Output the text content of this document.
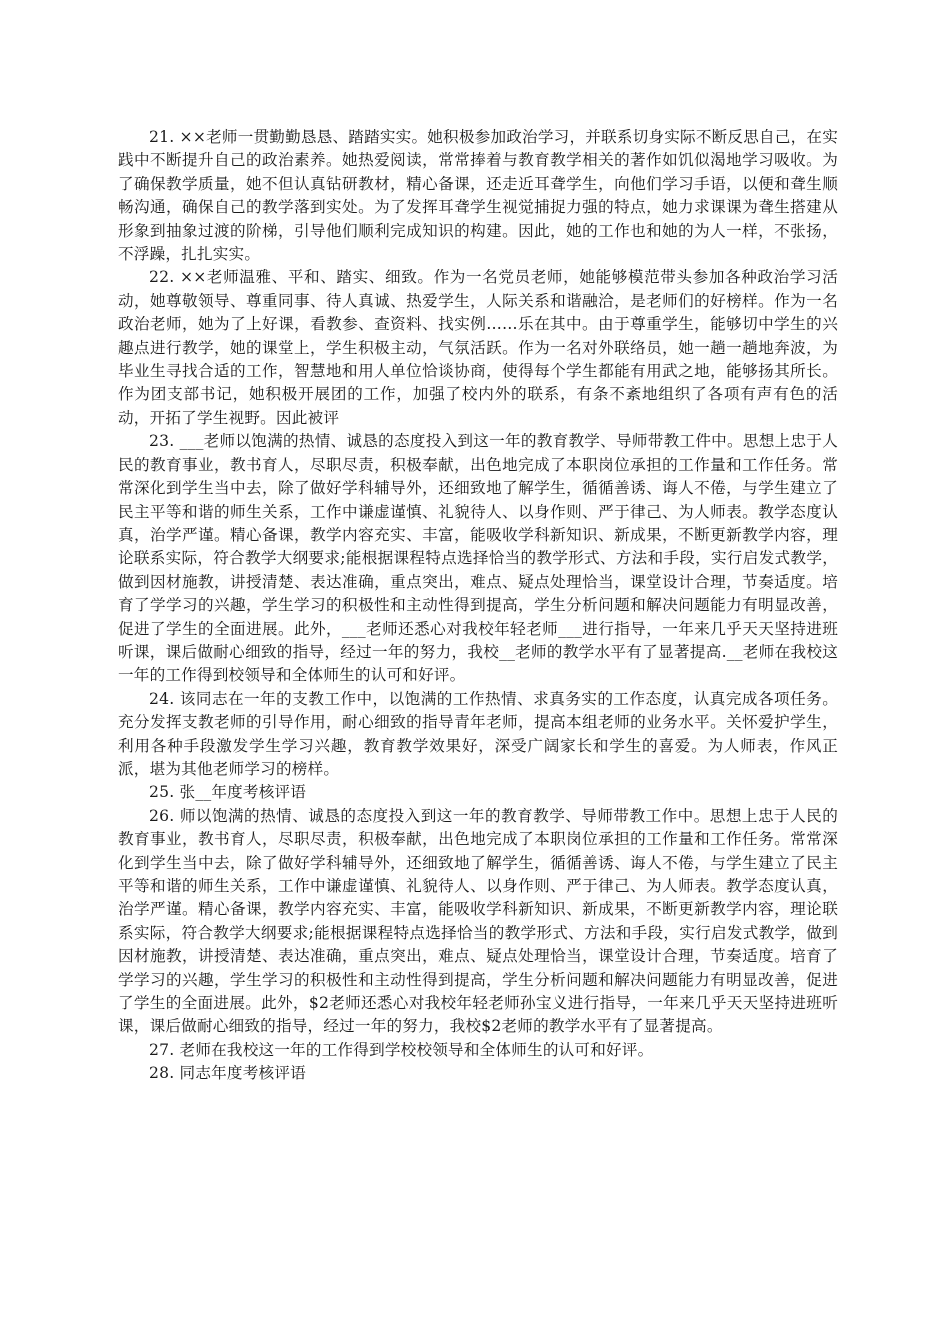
21. ××老师一贯勤勤恳恳、踏踏实实。她积极参加政治学习，并联系切身实际不断反思自己，在实践中不断提升自己的政治素养。她热爱阅读，常常捧着与教育教学相关的著作如饥似渴地学习吸收。为了确保教学质量，她不但认真钻研教材，精心备课，还走近耳聋学生，向他们学习手语，以便和聋生顺畅沟通，确保自己的教学落到实处。为了发挥耳聋学生视觉捕捉力强的特点，她力求课课为聋生搭建从形象到抽象过渡的阶梯，引导他们顺利完成知识的构建。因此，她的工作也和她的为人一样，不张扬，不浮躁，扎扎实实。

22. ××老师温雅、平和、踏实、细致。作为一名党员老师，她能够模范带头参加各种政治学习活动，她尊敬领导、尊重同事、待人真诚、热爱学生，人际关系和谐融洽，是老师们的好榜样。作为一名政治老师，她为了上好课，看教参、查资料、找实例……乐在其中。由于尊重学生，能够切中学生的兴趣点进行教学，她的课堂上，学生积极主动，气氛活跃。作为一名对外联络员，她一趟一趟地奔波，为毕业生寻找合适的工作，智慧地和用人单位恰谈协商，使得每个学生都能有用武之地，能够扬其所长。作为团支部书记，她积极开展团的工作，加强了校内外的联系，有条不紊地组织了各项有声有色的活动，开拓了学生视野。因此被评

23. ___老师以饱满的热情、诚恳的态度投入到这一年的教育教学、导师带教工件中。思想上忠于人民的教育事业，教书育人，尽职尽责，积极奉献，出色地完成了本职岗位承担的工作量和工作任务。常常深化到学生当中去，除了做好学科辅导外，还细致地了解学生，循循善诱、诲人不倦，与学生建立了民主平等和谐的师生关系，工作中谦虚谨慎、礼貌待人、以身作则、严于律己、为人师表。教学态度认真，治学严谨。精心备课，教学内容充实、丰富，能吸收学科新知识、新成果，不断更新教学内容，理论联系实际，符合教学大纲要求;能根据课程特点选择恰当的教学形式、方法和手段，实行启发式教学，做到因材施教，讲授清楚、表达准确，重点突出，难点、疑点处理恰当，课堂设计合理，节奏适度。培育了学学习的兴趣，学生学习的积极性和主动性得到提高，学生分析问题和解决问题能力有明显改善，促进了学生的全面进展。此外，___老师还悉心对我校年轻老师___进行指导，一年来几乎天天坚持进班听课，课后做耐心细致的指导，经过一年的努力，我校__老师的教学水平有了显著提高.__老师在我校这一年的工作得到校领导和全体师生的认可和好评。

24. 该同志在一年的支教工作中，以饱满的工作热情、求真务实的工作态度，认真完成各项任务。充分发挥支教老师的引导作用，耐心细致的指导青年老师，提高本组老师的业务水平。关怀爱护学生，利用各种手段激发学生学习兴趣，教育教学效果好，深受广阔家长和学生的喜爱。为人师表，作风正派，堪为其他老师学习的榜样。

25. 张__年度考核评语

26. 师以饱满的热情、诚恳的态度投入到这一年的教育教学、导师带教工作中。思想上忠于人民的教育事业，教书育人，尽职尽责，积极奉献，出色地完成了本职岗位承担的工作量和工作任务。常常深化到学生当中去，除了做好学科辅导外，还细致地了解学生，循循善诱、诲人不倦，与学生建立了民主平等和谐的师生关系，工作中谦虚谨慎、礼貌待人、以身作则、严于律己、为人师表。教学态度认真，治学严谨。精心备课，教学内容充实、丰富，能吸收学科新知识、新成果，不断更新教学内容，理论联系实际，符合教学大纲要求;能根据课程特点选择恰当的教学形式、方法和手段，实行启发式教学，做到因材施教，讲授清楚、表达准确，重点突出，难点、疑点处理恰当，课堂设计合理，节奏适度。培育了学学习的兴趣，学生学习的积极性和主动性得到提高，学生分析问题和解决问题能力有明显改善，促进了学生的全面进展。此外，$2老师还悉心对我校年轻老师孙宝义进行指导，一年来几乎天天坚持进班听课，课后做耐心细致的指导，经过一年的努力，我校$2老师的教学水平有了显著提高。

27. 老师在我校这一年的工作得到学校校领导和全体师生的认可和好评。

28. 同志年度考核评语
